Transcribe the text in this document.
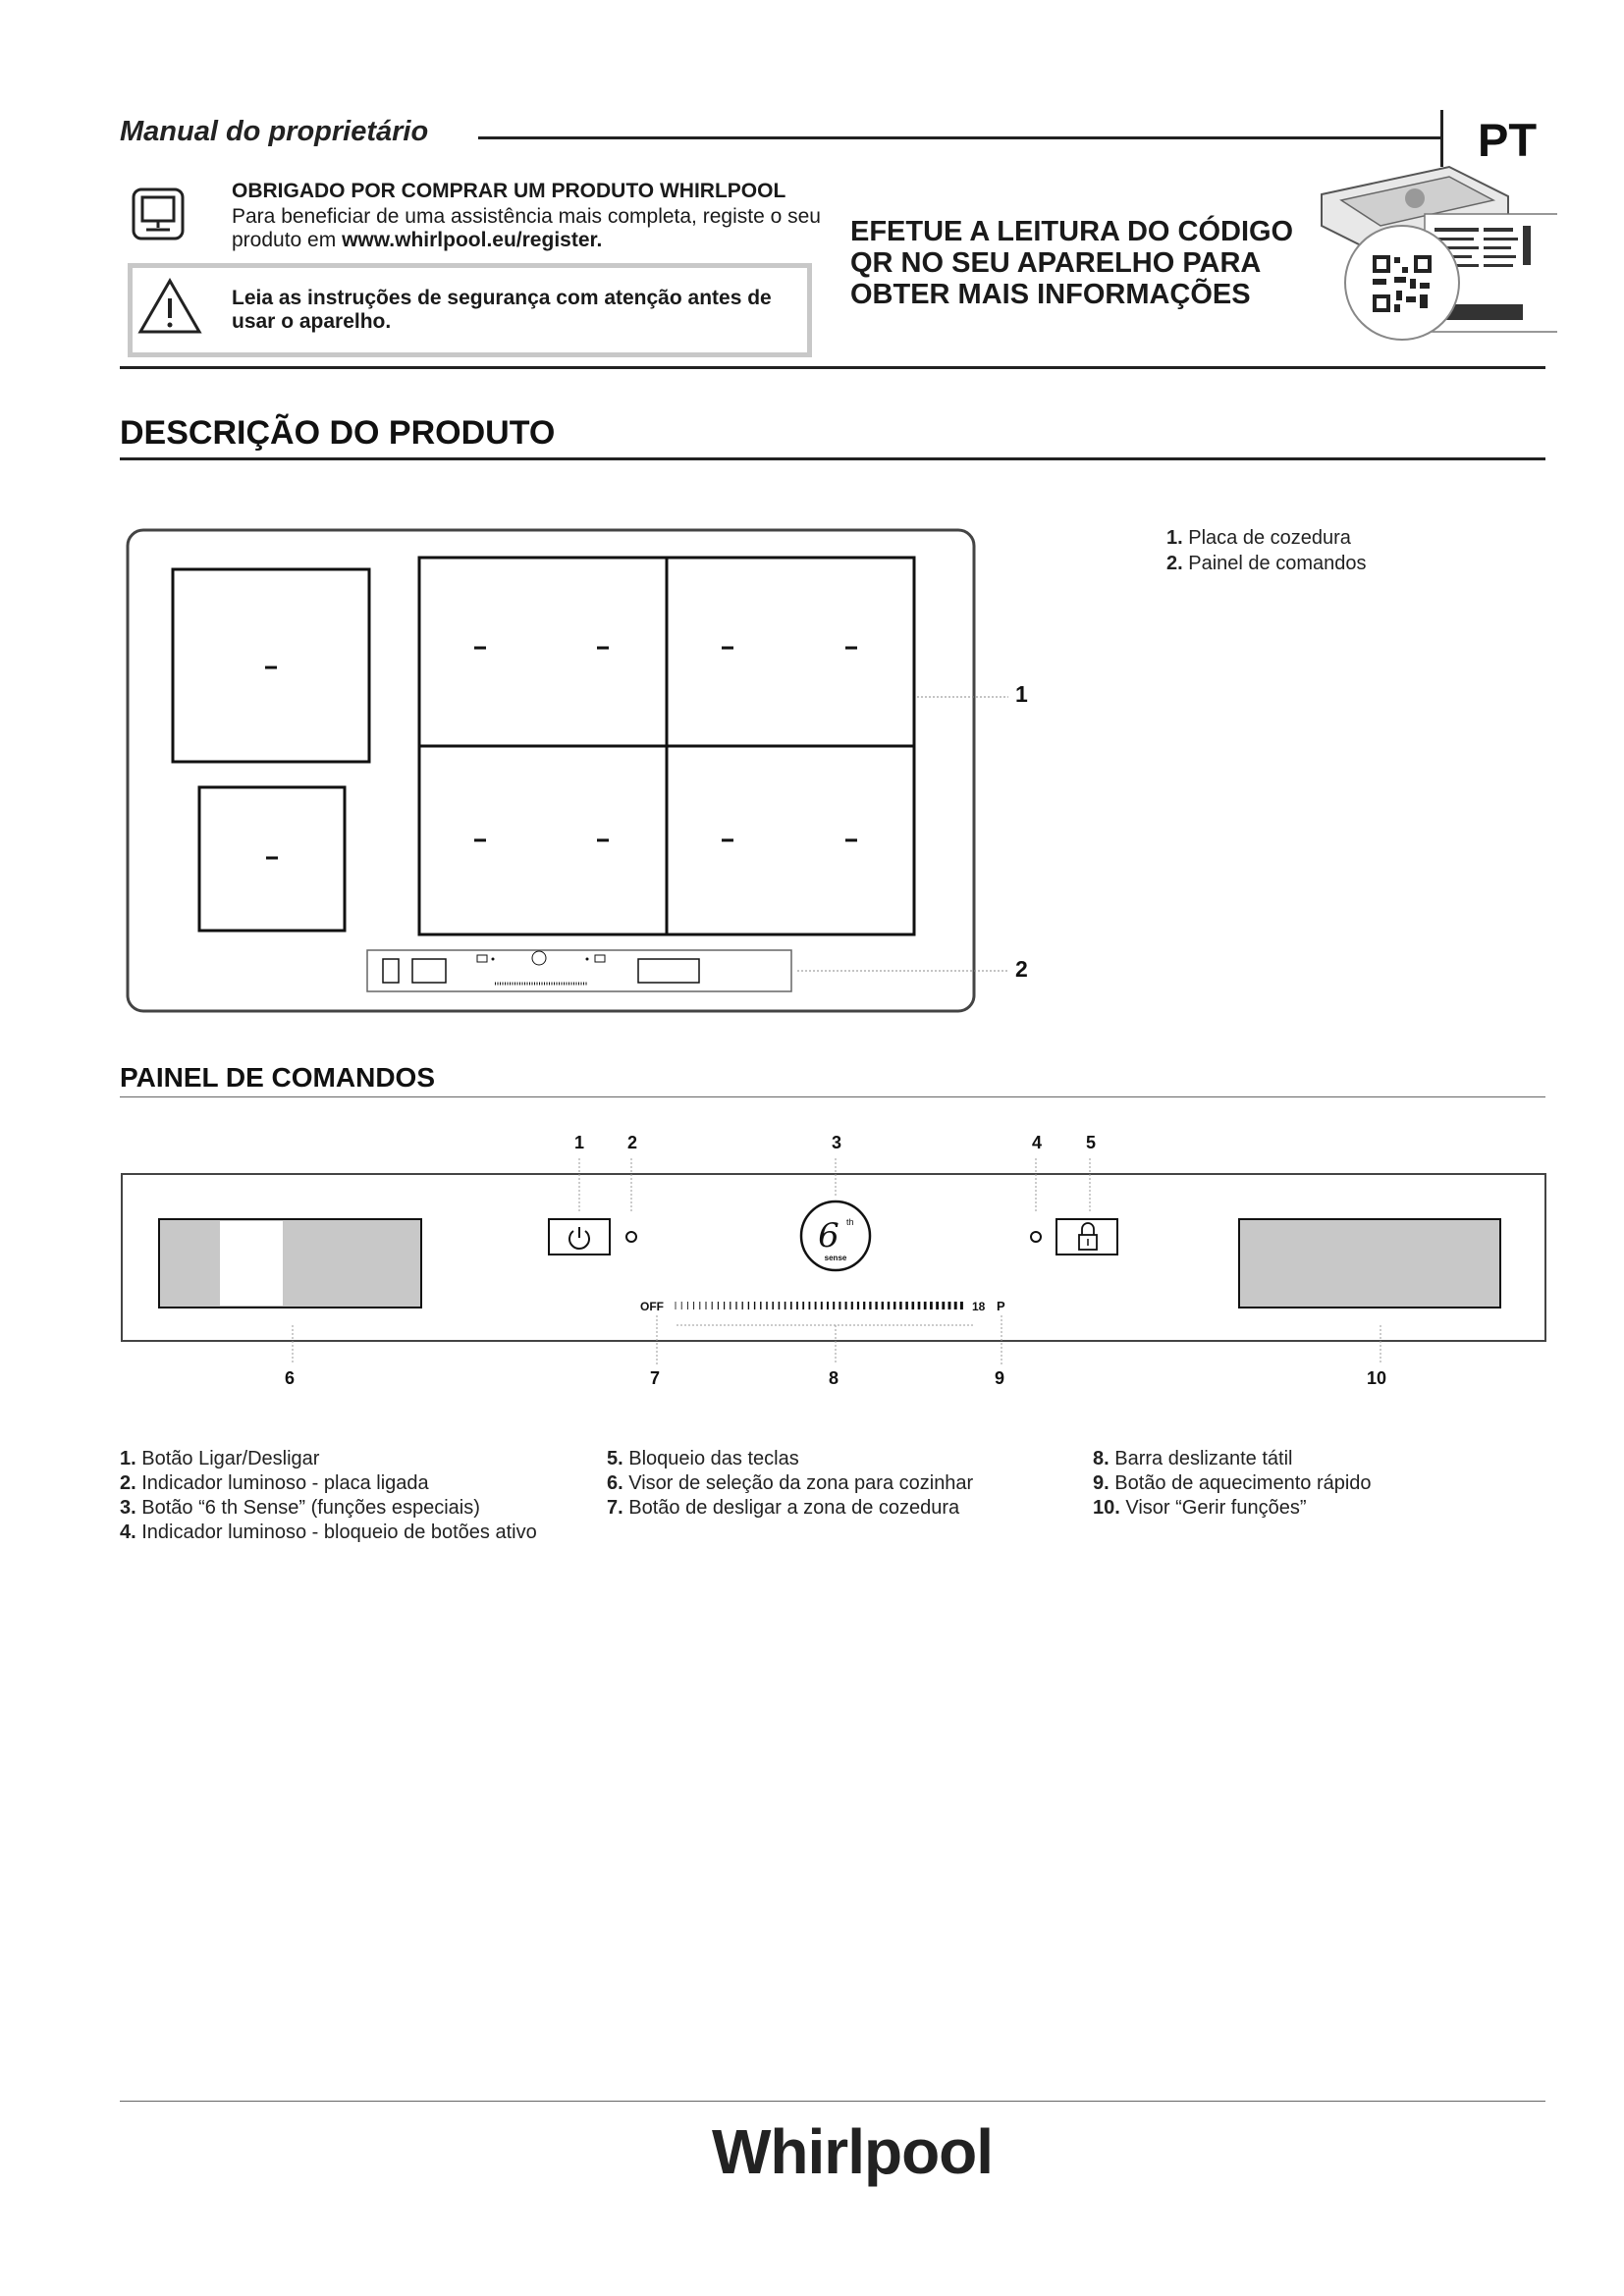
Manual do proprietário	PT
OBRIGADO POR COMPRAR UM PRODUTO WHIRLPOOL
Para beneficiar de uma assistência mais completa, registe o seu produto em www.whirlpool.eu/register.
Leia as instruções de segurança com atenção antes de usar o aparelho.
EFETUE A LEITURA DO CÓDIGO QR NO SEU APARELHO PARA OBTER MAIS INFORMAÇÕES
DESCRIÇÃO DO PRODUTO
1
2
1. Placa de cozedura
2. Painel de comandos
PAINEL DE COMANDOS
1 2	3	4 5
6 th
sense
OFF	18 P
6	7	8	9	10
1. Botão Ligar/Desligar
2. Indicador luminoso - placa ligada
3. Botão “6 th Sense” (funções especiais)
4. Indicador luminoso - bloqueio de botões ativo
5. Bloqueio das teclas
6. Visor de seleção da zona para cozinhar
7. Botão de desligar a zona de cozedura
8. Barra deslizante tátil
9. Botão de aquecimento rápido
10. Visor “Gerir funções”
Whirlpool
